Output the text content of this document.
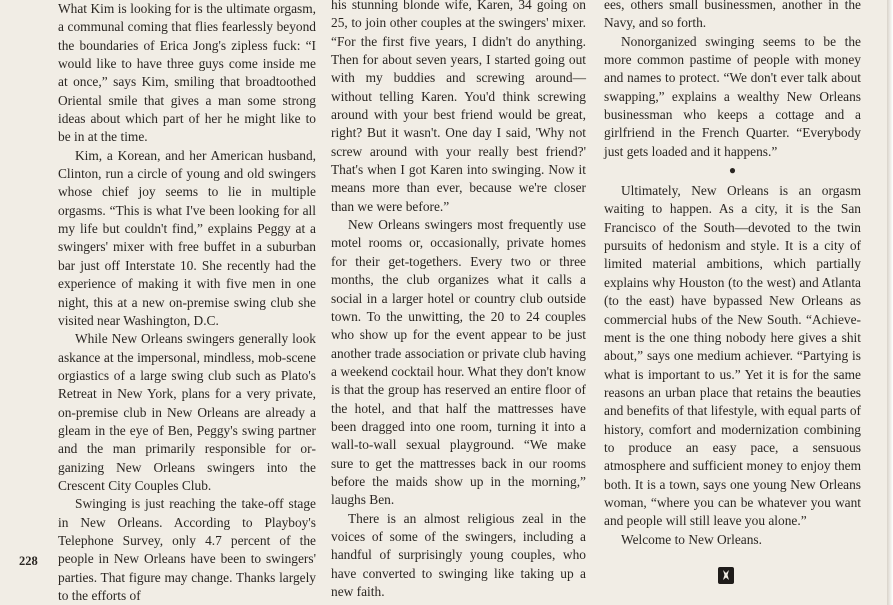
What Kim is looking for is the ultimate orgasm, a communal coming that flies fearlessly beyond the boundaries of Erica Jong's zipless fuck: “I would like to have three guys come inside me at once,” says Kim, smiling that broadtoothed Oriental smile that gives a man some strong ideas about which part of her he might like to be in at the time.

Kim, a Korean, and her American husband, Clinton, run a circle of young and old swingers whose chief joy seems to lie in multiple orgasms. “This is what I've been looking for all my life but couldn't find,” explains Peggy at a swingers' mixer with free buffet in a suburban bar just off Interstate 10. She recently had the experience of making it with five men in one night, this at a new on-premise swing club she visited near Washington, D.C.

While New Orleans swingers generally look askance at the impersonal, mindless, mob-scene orgiastics of a large swing club such as Plato's Retreat in New York, plans for a very private, on-premise club in New Orleans are already a gleam in the eye of Ben, Peggy's swing partner and the man primarily responsible for organizing New Orleans swingers into the Crescent City Couples Club.

Swinging is just reaching the take-off stage in New Orleans. According to Playboy's Telephone Survey, only 4.7 percent of the people in New Orleans have been to swingers' parties. That figure may change. Thanks largely to the efforts of

his stunning blonde wife, Karen, 34 going on 25, to join other couples at the swingers' mixer. “For the first five years, I didn't do anything. Then for about seven years, I started going out with my buddies and screwing around—without telling Karen. You'd think screwing around with your best friend would be great, right? But it wasn't. One day I said, 'Why not screw around with your really best friend?' That's when I got Karen into swinging. Now it means more than ever, because we're closer than we were before.”

New Orleans swingers most frequently use motel rooms or, occasionally, private homes for their get-togethers. Every two or three months, the club organizes what it calls a social in a larger hotel or country club outside town. To the unwitting, the 20 to 24 couples who show up for the event appear to be just another trade association or private club having a weekend cocktail hour. What they don't know is that the group has reserved an entire floor of the hotel, and that half the mattresses have been dragged into one room, turning it into a wall-to-wall sexual playground. “We make sure to get the mattresses back in our rooms before the maids show up in the morning,” laughs Ben.

There is an almost religious zeal in the voices of some of the swingers, including a handful of surprisingly young couples, who have converted to swinging like taking up a new faith.

ees, others small businessmen, another in the Navy, and so forth.

Nonorganized swinging seems to be the more common pastime of people with money and names to protect. “We don't ever talk about swapping,” explains a wealthy New Orleans businessman who keeps a cottage and a girlfriend in the French Quarter. “Everybody just gets loaded and it happens.”

●

Ultimately, New Orleans is an orgasm waiting to happen. As a city, it is the San Francisco of the South—devoted to the twin pursuits of hedonism and style. It is a city of limited material ambitions, which partially explains why Houston (to the west) and Atlanta (to the east) have bypassed New Orleans as commercial hubs of the New South. “Achievement is the one thing nobody here gives a shit about,” says one medium achiever. “Partying is what is important to us.” Yet it is for the same reasons an urban place that retains the beauties and benefits of that lifestyle, with equal parts of history, comfort and modernization combining to produce an easy pace, a sensuous atmosphere and sufficient money to enjoy them both. It is a town, says one young New Orleans woman, “where you can be whatever you want and people will still leave you alone.”

Welcome to New Orleans.

228
